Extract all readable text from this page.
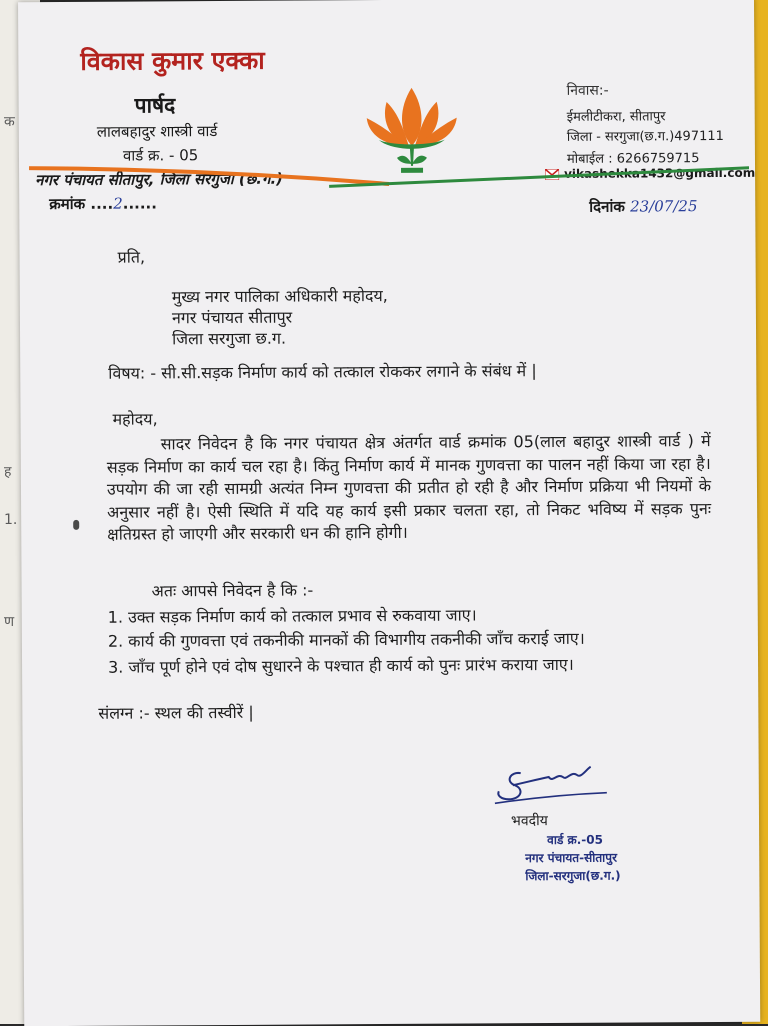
क
ह
1.
ण
विकास कुमार एक्का
पार्षद
लालबहादुर शास्त्री वार्ड
वार्ड क्र. - 05
नगर पंचायत सीतापुर, जिला सरगुजा (छ.ग.)
निवास:-
ईमलीटीकरा, सीतापुर
जिला - सरगुजा(छ.ग.)497111
मोबाईल : 6266759715
vikashekka1432@gmail.com
क्रमांक ....2......	दिनांक 23/07/25
प्रति,
मुख्य नगर पालिका अधिकारी महोदय,
नगर पंचायत सीतापुर
जिला सरगुजा छ.ग.
विषय: - सी.सी.सड़क निर्माण कार्य को तत्काल रोककर लगाने के संबंध में |
महोदय,
सादर निवेदन है कि नगर पंचायत क्षेत्र अंतर्गत वार्ड क्रमांक 05(लाल बहादुर शास्त्री वार्ड ) में सड़क निर्माण का कार्य चल रहा है। किंतु निर्माण कार्य में मानक गुणवत्ता का पालन नहीं किया जा रहा है। उपयोग की जा रही सामग्री अत्यंत निम्न गुणवत्ता की प्रतीत हो रही है और निर्माण प्रक्रिया भी नियमों के अनुसार नहीं है। ऐसी स्थिति में यदि यह कार्य इसी प्रकार चलता रहा, तो निकट भविष्य में सड़क पुनः क्षतिग्रस्त हो जाएगी और सरकारी धन की हानि होगी।
अतः आपसे निवेदन है कि :-
1. उक्त सड़क निर्माण कार्य को तत्काल प्रभाव से रुकवाया जाए।
2. कार्य की गुणवत्ता एवं तकनीकी मानकों की विभागीय तकनीकी जाँच कराई जाए।
3. जाँच पूर्ण होने एवं दोष सुधारने के पश्चात ही कार्य को पुनः प्रारंभ कराया जाए।
संलग्न :- स्थल की तस्वीरें |
भवदीय
वार्ड क्र.-05
नगर पंचायत-सीतापुर
जिला-सरगुजा(छ.ग.)
